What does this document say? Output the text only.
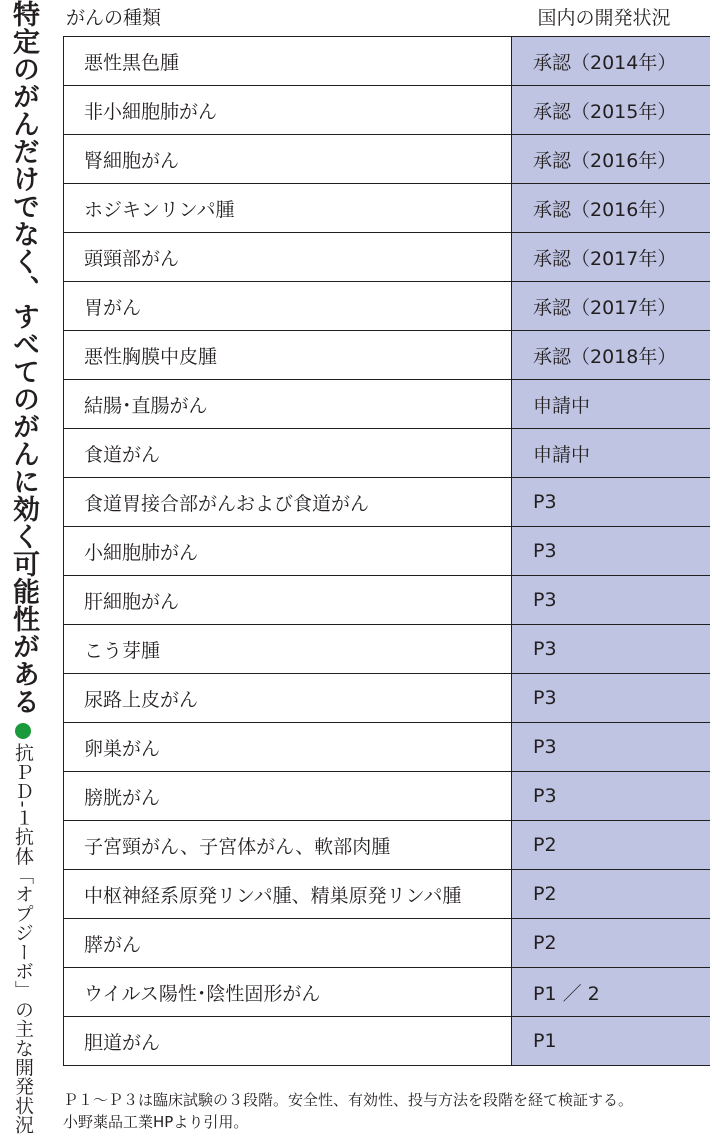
特定のがんだけでなく、すべてのがんに効く可能性がある
抗ＰＤ-１抗体「オプジーボ」の主な開発状況
がんの種類	国内の開発状況
悪性黒色腫	承認（2014年）
非小細胞肺がん	承認（2015年）
腎細胞がん	承認（2016年）
ホジキンリンパ腫	承認（2016年）
頭頸部がん	承認（2017年）
胃がん	承認（2017年）
悪性胸膜中皮腫	承認（2018年）
結腸･直腸がん	申請中
食道がん	申請中
食道胃接合部がんおよび食道がん	P3
小細胞肺がん	P3
肝細胞がん	P3
こう芽腫	P3
尿路上皮がん	P3
卵巣がん	P3
膀胱がん	P3
子宮頸がん、子宮体がん、軟部肉腫	P2
中枢神経系原発リンパ腫、精巣原発リンパ腫	P2
膵がん	P2
ウイルス陽性･陰性固形がん	P1 ／ 2
胆道がん	P1
Ｐ１～Ｐ３は臨床試験の３段階。安全性、有効性、投与方法を段階を経て検証する。
小野薬品工業HPより引用。
